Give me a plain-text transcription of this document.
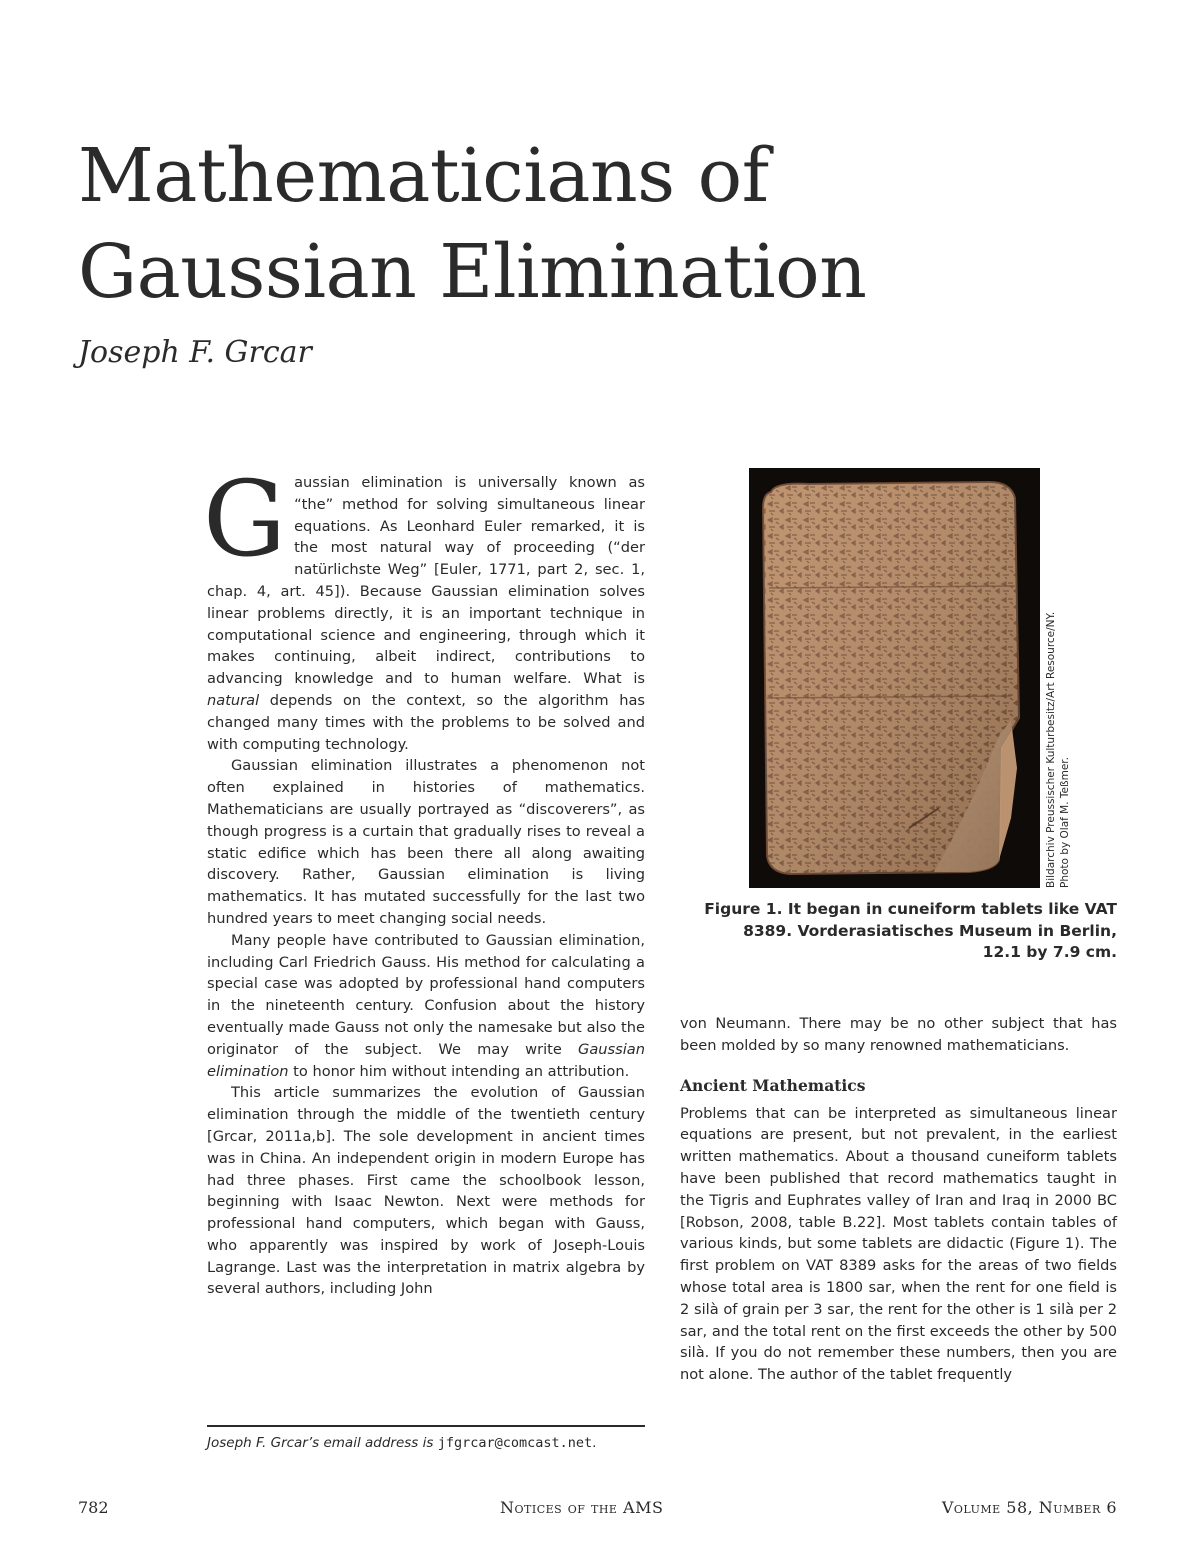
Mathematicians of
Gaussian Elimination

Joseph F. Grcar

Gaussian elimination is universally known as “the” method for solving simultaneous linear equations. As Leonhard Euler remarked, it is the most natural way of proceeding (“der natürlichste Weg” [Euler, 1771, part 2, sec. 1, chap. 4, art. 45]). Because Gaussian elimination solves linear problems directly, it is an important technique in computational science and engineering, through which it makes continuing, albeit indirect, contributions to advancing knowledge and to human welfare. What is natural depends on the context, so the algorithm has changed many times with the problems to be solved and with computing technology.

Gaussian elimination illustrates a phenomenon not often explained in histories of mathematics. Mathematicians are usually portrayed as “discoverers”, as though progress is a curtain that gradually rises to reveal a static edifice which has been there all along awaiting discovery. Rather, Gaussian elimination is living mathematics. It has mutated successfully for the last two hundred years to meet changing social needs.

Many people have contributed to Gaussian elimination, including Carl Friedrich Gauss. His method for calculating a special case was adopted by professional hand computers in the nineteenth century. Confusion about the history eventually made Gauss not only the namesake but also the originator of the subject. We may write Gaussian elimination to honor him without intending an attribution.

This article summarizes the evolution of Gaussian elimination through the middle of the twentieth century [Grcar, 2011a,b]. The sole development in ancient times was in China. An independent origin in modern Europe has had three phases. First came the schoolbook lesson, beginning with Isaac Newton. Next were methods for professional hand computers, which began with Gauss, who apparently was inspired by work of Joseph-Louis Lagrange. Last was the interpretation in matrix algebra by several authors, including John

Joseph F. Grcar’s email address is jfgrcar@comcast.net.

Bildarchiv Preussischer Kulturbesitz/Art Resource/NY. Photo by Olaf M. Teßmer.

Figure 1. It began in cuneiform tablets like VAT 8389. Vorderasiatisches Museum in Berlin, 12.1 by 7.9 cm.

von Neumann. There may be no other subject that has been molded by so many renowned mathematicians.

Ancient Mathematics

Problems that can be interpreted as simultaneous linear equations are present, but not prevalent, in the earliest written mathematics. About a thousand cuneiform tablets have been published that record mathematics taught in the Tigris and Euphrates valley of Iran and Iraq in 2000 BC [Robson, 2008, table B.22]. Most tablets contain tables of various kinds, but some tablets are didactic (Figure 1). The first problem on VAT 8389 asks for the areas of two fields whose total area is 1800 sar, when the rent for one field is 2 silà of grain per 3 sar, the rent for the other is 1 silà per 2 sar, and the total rent on the first exceeds the other by 500 silà. If you do not remember these numbers, then you are not alone. The author of the tablet frequently

782	Notices of the AMS	Volume 58, Number 6
